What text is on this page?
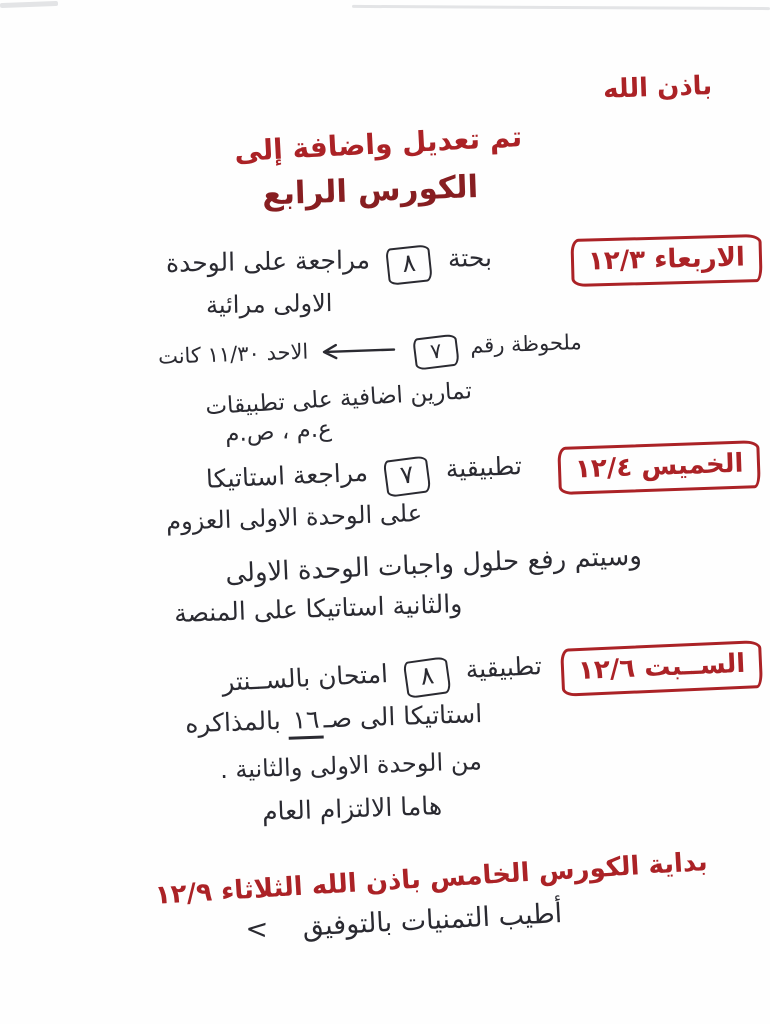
باذن الله
تم تعديل واضافة إلى
الكورس الرابع
الاربعاء ١٢/٣
بحتة ٨ مراجعة على الوحدة
الاولى مرائية
ملحوظة رقم ٧  الاحد ١١/٣٠ كانت
تمارين اضافية على تطبيقات
ع.م ، ص.م
الخميس ١٢/٤
تطبيقية ٧ مراجعة استاتيكا
على الوحدة الاولى العزوم
وسيتم رفع حلول واجبات الوحدة الاولى
والثانية استاتيكا على المنصة
الســبت ١٢/٦
تطبيقية ٨ امتحان بالســنتر
استاتيكا الى صـ١٦ بالمذاكره
من الوحدة الاولى والثانية .
هاما الالتزام العام
بداية الكورس الخامس باذن الله الثلاثاء ١٢/٩
أطيب التمنيات بالتوفيق <
